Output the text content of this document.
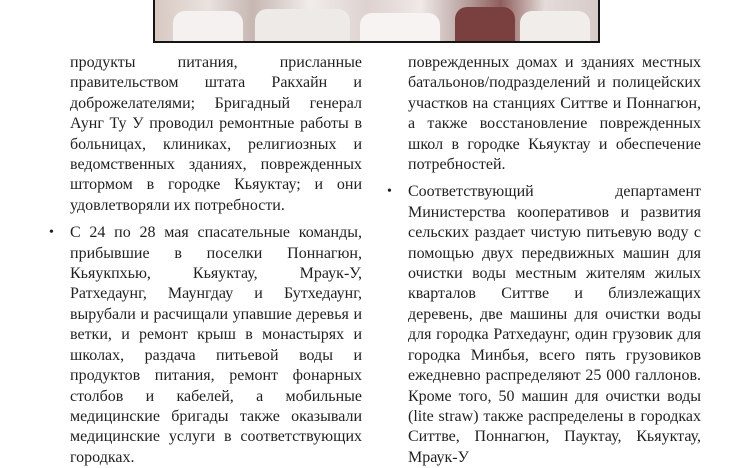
продукты питания, присланные правительством штата Ракхайн и доброжелателями; Бригадный генерал Аунг Ту У проводил ремонтные работы в больницах, клиниках, религиозных и ведомственных зданиях, поврежденных штормом в городке Кьяуктау; и они удовлетворяли их потребности.

• С 24 по 28 мая спасательные команды, прибывшие в поселки Поннагюн, Кьяукпхью, Кьяуктау, Мраук-У, Ратхедаунг, Маунгдау и Бутхедаунг, вырубали и расчищали упавшие деревья и ветки, и ремонт крыш в монастырях и школах, раздача питьевой воды и продуктов питания, ремонт фонарных столбов и кабелей, а мобильные медицинские бригады также оказывали медицинские услуги в соответствующих городках.

поврежденных домах и зданиях местных батальонов/подразделений и полицейских участков на станциях Ситтве и Поннагюн, а также восстановление поврежденных школ в городке Кьяуктау и обеспечение потребностей.

• Соответствующий департамент Министерства кооперативов и развития сельских раздает чистую питьевую воду с помощью двух передвижных машин для очистки воды местным жителям жилых кварталов Ситтве и близлежащих деревень, две машины для очистки воды для городка Ратхедаунг, один грузовик для городка Минбья, всего пять грузовиков ежедневно распределяют 25 000 галлонов. Кроме того, 50 машин для очистки воды (lite straw) также распределены в городках Ситтве, Поннагюн, Пауктау, Кьяуктау, Мраук-У
